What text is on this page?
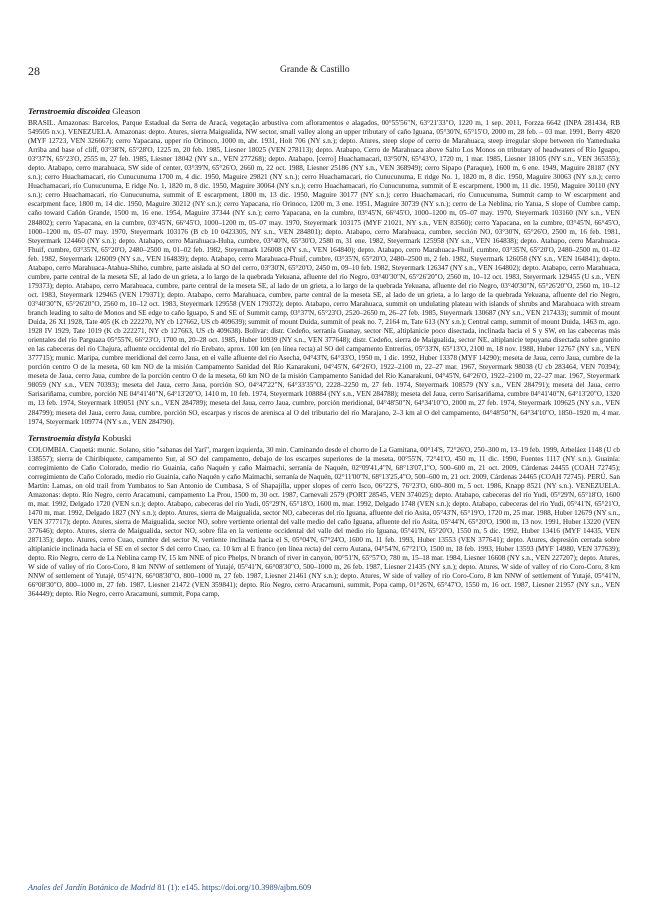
28	Grande & Castillo
Ternstroemia discoidea Gleason

BRASIL. Amazonas: Barcelos, Parque Estadual da Serra de Aracá, vegetação arbustiva com afloramentos e alagados, 00°55'56"N, 63°21'33"O, 1220 m, 1 sep. 2011, Forzza 6642 (INPA 281434, RB 549505 n.v.). VENEZUELA. Amazonas: depto. Atures, sierra Maigualida, NW sector, small valley along an upper tributary of caño Iguana, 05°30'N, 65°15'O, 2000 m, 28 feb. – 03 mar. 1991, Berry 4820 (MYF 12723, VEN 326667); cerro Yapacana, upper río Orinoco, 1000 m, abr. 1931, Holt 706 (NY s.n.); depto. Atures, steep slope of cerro de Marahuaca, steep irregular slope between río Yameduaka Arriba and base of cliff, 03°38'N, 65°28'O, 1225 m, 20 feb. 1985, Liesner 18025 (VEN 278113); depto. Atabapo, Cerro de Marahuaca above Salto Los Monos on tributary of headwaters of Río Iguapo, 03°37'N, 65°23'O, 2555 m, 27 feb. 1985, Liesner 18042 (NY s.n., VEN 277268); depto. Atabapo, [cerro] Huachamacari, 03°50'N, 65°43'O, 1720 m, 1 mar. 1985, Liesner 18105 (NY s.n., VEN 365355); depto. Atabapo, cerro marahuaca, SW side of center, 03°39'N, 65°26'O, 2660 m, 22 oct. 1988, Liesner 25186 (NY s.n., VEN 368949); cerro Sipapo (Paraque), 1600 m, 6 ene. 1949, Maguire 28187 (NY s.n.); cerro Huachamacari, río Cunucunuma 1700 m, 4 dic. 1950, Maguire 29821 (NY s.n.); cerro Huachamacari, río Cunucunuma, E ridge No. 1, 1820 m, 8 dic. 1950, Maguire 30063 (NY s.n.); cerro Huachamacari, río Cunucunuma, E ridge No. 1, 1820 m, 8 dic. 1950, Maguire 30064 (NY s.n.); cerro Huachamacari, río Cunucunuma, summit of E escarpment, 1900 m, 11 dic. 1950, Maguire 30110 (NY s.n.); cerro Huachamacari, río Cunucunuma, summit of E escarpment, 1800 m, 13 dic. 1950, Maguire 30177 (NY s.n.); cerro Huachamacari, río Cunucunuma, Summit camp to W escarpment and escarpment face, 1800 m, 14 dic. 1950, Maguire 30212 (NY s.n.); cerro Yapacana, río Orinoco, 1200 m, 3 ene. 1951, Maguire 30739 (NY s.n.); cerro de La Neblina, río Yatua, S slope of Cumbre camp, caño toward Cañón Grande, 1500 m, 16 ene. 1954, Maguire 37344 (NY s.n.); cerro Yapacana, en la cumbre, 03°45'N, 66°45'O, 1000–1200 m, 05–07 may. 1970, Steyermark 103160 (NY s.n., VEN 284802); cerro Yapacana, en la cumbre, 03°45'N, 66°45'O, 1000–1200 m, 05–07 may. 1970, Steyermark 103175 (MYF 21021, NY s.n., VEN 83560); cerro Yapacana, en la cumbre, 03°45'N, 66°45'O, 1000–1200 m, 05–07 may. 1970, Steyermark 103176 (B cb 10 0423305, NY s.n., VEN 284801); depto. Atabapo, cerro Marahuaca, cumbre, sección NO, 03°30'N, 65°26'O, 2500 m, 16 feb. 1981, Steyermark 124460 (NY s.n.); depto. Atabapo, cerro Marahuaca-Huha, cumbre, 03°40'N, 65°30'O, 2580 m, 31 ene. 1982, Steyermark 125958 (NY s.n., VEN 164838); depto. Atabapo, cerro Marahuaca-Fhuif, cumbre, 03°35'N, 65°20'O, 2480–2500 m, 01–02 feb. 1982, Steyermark 126008 (NY s.n., VEN 164840); depto. Atabapo, cerro Marahuaca-Fhuif, cumbre, 03°35'N, 65°20'O, 2480–2500 m, 01–02 feb. 1982, Steyermark 126009 (NY s.n., VEN 164839); depto. Atabapo, cerro Marahuaca-Fhuif, cumbre, 03°35'N, 65°20'O, 2480–2500 m, 2 feb. 1982, Steyermark 126058 (NY s.n., VEN 164841); depto. Atabapo, cerro Marahuaca-Atahua-Shiho, cumbre, parte aislada al SO del cerro, 03°30'N, 65°20'O, 2450 m, 09–10 feb. 1982, Steyermark 126347 (NY s.n., VEN 164802); depto. Atabapo, cerro Marahuaca, cumbre, parte central de la meseta SE, al lado de un grieta, a lo largo de la quebrada Yekuana, afluente del río Negro, 03°40'30"N, 65°26'20"O, 2560 m, 10–12 oct. 1983, Steyermark 129455 (U s.n., VEN 179373); depto. Atabapo, cerro Marahuaca, cumbre, parte central de la meseta SE, al lado de un grieta, a lo largo de la quebrada Yekuana, afluente del río Negro, 03°40'30"N, 65°26'20"O, 2560 m, 10–12 oct. 1983, Steyermark 129465 (VEN 179371); depto. Atabapo, cerro Marahuaca, cumbre, parte central de la meseta SE, al lado de un grieta, a lo largo de la quebrada Yekuana, afluente del río Negro, 03°40'30"N, 65°26'20"O, 2560 m, 10–12 oct. 1983, Steyermark 129558 (VEN 179372); depto. Atabapo, cerro Marahuaca, summit on undulating plateau with islands of shrubs and Marahuaca with stream branch leading to salto de Monos and SE edge to caño Iguapo, S and SE of Summit camp, 03°37'N, 65°23'O, 2520–2650 m, 26–27 feb. 1985, Steyermark 130687 (NY s.n., VEN 217433); summit of mount Duida, 26 XI 1928, Tate 405 (K cb 222270, NY cb 127662, US cb 409639); summit of mount Duida, summit of peak no. 7, 2164 m, Tate 613 (NY s.n.); Central camp, summit of mount Duida, 1463 m, ago. 1928 IV 1929, Tate 1019 (K cb 222271, NY cb 127663, US cb 409638). Bolívar: distr. Cedeño, serranía Guanay, sector NE, altiplanicie poco disectada, inclinada hacia el S y SW, en las cabeceras más orientales del río Parguaza 05°55'N, 66°23'O, 1700 m, 20–28 oct. 1985, Huber 10939 (NY s.n., VEN 377648); distr. Cedeño, sierra de Maigualida, sector NE, altiplanicie tepuyana disectada sobre granito en las cabeceras del río Chajura, afluente occidental del río Erebato, aprox. 100 km (en línea recta) al SO del campamento Entreríos, 05°33'N, 65°13'O, 2100 m, 18 nov. 1988, Huber 12767 (NY s.n., VEN 377715); munic. Maripa, cumbre meridional del cerro Jaua, en el valle afluente del río Asecha, 04°43'N, 64°33'O, 1950 m, 1 dic. 1992, Huber 13378 (MYF 14290); meseta de Jaua, cerro Jaua, cumbre de la porción centro O de la meseta, 60 km NO de la misión Campamento Sanidad del Río Kanarakuni, 04°45'N, 64°26'O, 1922–2100 m, 22–27 mar. 1967, Steyermark 98038 (U cb 283464, VEN 70394); meseta de Jaua, cerro Jaua, cumbre de la porción centro O de la meseta, 60 km NO de la misión Campamento Sanidad del Río Kanarakuni, 04°45'N, 64°26'O, 1922–2100 m, 22–27 mar. 1967, Steyermark 98059 (NY s.n., VEN 70393); meseta del Jaua, cerro Jaua, porción SO, 04°47'22"N, 64°33'35"O, 2228–2250 m, 27 feb. 1974, Steyermark 108579 (NY s.n., VEN 284791); meseta del Jaua, cerro Sarisariñama, cumbre, porción NE 04°41'40"N, 64°13'20"O, 1410 m, 10 feb. 1974, Steyermark 108884 (NY s.n., VEN 284788); meseta del Jaua, cerro Sarisariñama, cumbre 04°41'40"N, 64°13'20"O, 1320 m, 13 feb. 1974, Steyermark 109051 (NY s.n., VEN 284789); meseta del Jaua, cerro Jaua, cumbre, porción meridional, 04°48'50"N, 64°34'10"O, 2000 m, 27 feb. 1974, Steyermark 109625 (NY s.n., VEN 284799); meseta del Jaua, cerro Jaua, cumbre, porción SO, escarpas y riscos de arenisca al O del tributario del río Marajano, 2–3 km al O del campamento, 04°48'50"N, 64°34'10"O, 1850–1920 m, 4 mar. 1974, Steyermark 109774 (NY s.n., VEN 284790).

Ternstroemia distyla Kobuski

COLOMBIA. Caquetá: munic. Solano, sitio "sabanas del Yarí", margen izquierda, 30 min. Caminando desde el chorro de La Gamitana, 00°14'S, 72°26'O, 250–300 m, 13–19 feb. 1999, Arbeláez 1148 (U cb 138557); sierra de Chiribiquete, campamento Sur, al SO del campamento, debajo de los escarpes superiores de la meseta, 00°55'N, 72°41'O, 450 m, 11 dic. 1990, Fuentes 1117 (NY s.n.). Guainía: corregimiento de Caño Colorado, medio río Guainía, caño Naquén y caño Maimachi, serranía de Naquén, 02°09'41,4"N, 68°13'07,1"O, 500–600 m, 21 oct. 2009, Cárdenas 24455 (COAH 72745); corregimiento de Caño Colorado, medio río Guainía, caño Naquén y caño Maimachi, serranía de Naquén, 02°11'00"N, 68°13'25,4"O, 500–600 m, 21 oct. 2009, Cárdenas 24465 (COAH 72745). PERÚ. San Martín: Lamas, on old trail from Yumbatos to San Antonio de Cumbasa, S of Shapajilla, upper slopes of cerro Isco, 06°22'S, 76°23'O, 600–800 m, 5 oct. 1986, Knapp 8521 (NY s.n.). VENEZUELA. Amazonas: depto. Río Negro, cerro Aracamuni, campamento La Prou, 1500 m, 30 oct. 1987, Carnevali 2579 (PORT 28545, VEN 374025); depto. Atabapo, cabeceras del río Yudi, 05°29'N, 65°18'O, 1600 m, mar. 1992, Delgado 1720 (VEN s.n.); depto. Atabapo, cabeceras del río Yudi, 05°29'N, 65°18'O, 1600 m, mar. 1992, Delgado 1748 (VEN s.n.); depto. Atabapo, cabeceras del río Yudi, 05°41'N, 65°21'O, 1470 m, mar. 1992, Delgado 1827 (NY s.n.); depto. Atures, sierra de Maigualida, sector NO, cabeceras del río Iguana, afluente del río Asita, 05°43'N, 65°19'O, 1720 m, 25 mar. 1988, Huber 12679 (NY s.n., VEN 377717); depto. Atures, sierra de Maigualida, sector NO, sobre vertiente oriental del valle medio del caño Iguana, afluente del río Asita, 05°44'N, 65°20'O, 1900 m, 13 nov. 1991, Huber 13220 (VEN 377646); depto. Atures, sierra de Maigualida, sector NO, sobre fila en la vertiente occidental del valle del medio río Iguana, 05°41'N, 65°20'O, 1550 m, 5 dic. 1992, Huber 13416 (MYF 14435, VEN 287135); depto. Atures, cerro Cuao, cumbre del sector N, vertiente inclinada hacia el S, 05°04'N, 67°24'O, 1600 m, 11 feb. 1993, Huber 13553 (VEN 377641); depto. Atures, depresión cerrada sobre altiplanicie inclinada hacia el SE en el sector S del cerro Cuao, ca. 10 km al E franco (en línea recta) del cerro Autana, 04°54'N, 67°21'O, 1500 m, 18 feb. 1993, Huber 13593 (MYF 14980, VEN 377639); depto. Río Negro, cerro de La Neblina camp IV, 15 km NNE of pico Phelps, N branch of river in canyon, 00°51'N, 65°57'O, 780 m, 15–18 mar. 1984, Liesner 16608 (NY s.n., VEN 227207); depto. Atures, W side of valley of río Coro-Coro, 8 km NNW of settlement of Yutajé, 05°41'N, 66°08'30"O, 500–1000 m, 26 feb. 1987, Liesner 21435 (NY s.n.); depto. Atures, W side of valley of río Coro-Coro, 8 km NNW of settlement of Yutajé, 05°41'N, 66°08'30"O, 800–1000 m, 27 feb. 1987, Liesner 21461 (NY s.n.); depto. Atures, W side of valley of río Coro-Coro, 8 km NNW of settlement of Yutajé, 05°41'N, 66°08'30"O, 800–1000 m, 27 feb. 1987, Liesner 21472 (VEN 359841); depto. Río Negro, cerro Aracamuni, summit, Popa camp, 01°26'N, 65°47'O, 1550 m, 16 oct. 1987, Liesner 21957 (NY s.n., VEN 364449); depto. Río Negro, cerro Aracamuni, summit, Popa camp,

Anales del Jardín Botánico de Madrid 81 (1): e145. https://doi.org/10.3989/ajbm.609
